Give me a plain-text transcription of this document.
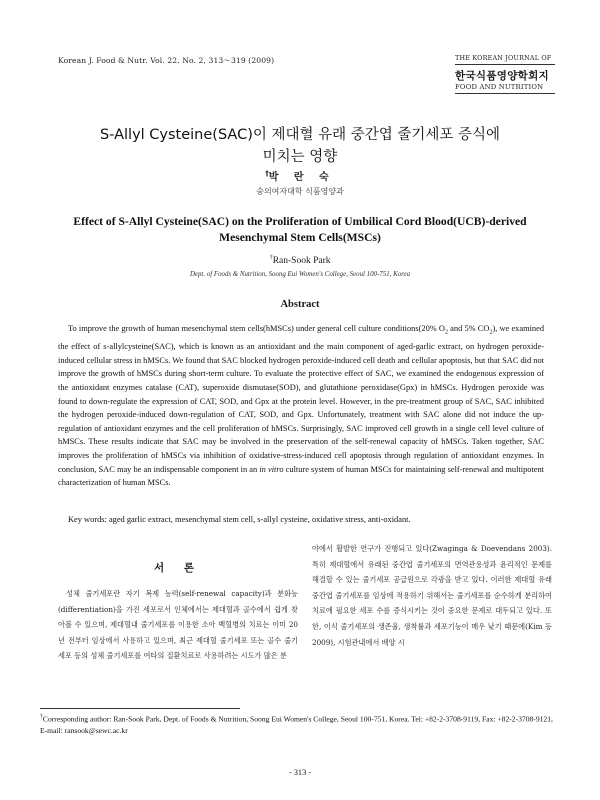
Korean J. Food & Nutr. Vol. 22. No. 2, 313～319 (2009)	THE KOREAN JOURNAL OF
한국식품영양학회지
FOOD AND NUTRITION
S-Allyl Cysteine(SAC)이 제대혈 유래 중간엽 줄기세포 증식에
미치는 영향
†박 란 숙
숭의여자대학 식품영양과
Effect of S-Allyl Cysteine(SAC) on the Proliferation of Umbilical Cord Blood(UCB)-derived
Mesenchymal Stem Cells(MSCs)
†Ran-Sook Park
Dept. of Foods & Nutrition, Soong Eui Women's College, Seoul 100-751, Korea
Abstract
To improve the growth of human mesenchymal stem cells(hMSCs) under general cell culture conditions(20% $O_2$ and 5% $CO_2$), we examined the effect of s-allylcysteine(SAC), which is known as an antioxidant and the main component of aged-garlic extract, on hydrogen peroxide-induced cellular stress in hMSCs. We found that SAC blocked hydrogen peroxide-induced cell death and cellular apoptosis, but that SAC did not improve the growth of hMSCs during short-term culture. To evaluate the protective effect of SAC, we examined the endogenous expression of the antioxidant enzymes catalase (CAT), superoxide dismutase(SOD), and glutathione peroxidase(Gpx) in hMSCs. Hydrogen peroxide was found to down-regulate the expression of CAT, SOD, and Gpx at the protein level. However, in the pre-treatment group of SAC, SAC inhibited the hydrogen peroxide-induced down-regulation of CAT, SOD, and Gpx. Unfortunately, treatment with SAC alone did not induce the up-regulation of antioxidant enzymes and the cell proliferation of hMSCs. Surprisingly, SAC improved cell growth in a single cell level culture of hMSCs. These results indicate that SAC may be involved in the preservation of the self-renewal capacity of hMSCs. Taken together, SAC improves the proliferation of hMSCs via inhibition of oxidative-stress-induced cell apoptosis through regulation of antioxidant enzymes. In conclusion, SAC may be an indispensable component in an in vitro culture system of human MSCs for maintaining self-renewal and multipotent characterization of human MSCs.
Key words: aged garlic extract, mesenchymal stem cell, s-allyl cysteine, oxidative stress, anti-oxidant.
서 론
성체 줄기세포란 자기 복제 능력(self-renewal capacity)과 분화능(differentiation)을 가진 세포로서 인체에서는 제대혈과 골수에서 쉽게 찾아볼 수 있으며, 제대혈내 줄기세포를 이용한 소아 백혈병의 치료는 이미 20년 전부터 임상에서 사용하고 있으며, 최근 제대혈 줄기세포 또는 골수 줄기세포 등의 성체 줄기세포를 여타의 질환치료로 사용하려는 시도가 많은 분
야에서 활발한 연구가 진행되고 있다(Zwaginga & Doevendans 2003). 특히 제대혈에서 유래된 중간엽 줄기세포의 면역관용성과 윤리적인 문제를 해결할 수 있는 줄기세포 공급원으로 각광을 받고 있다. 이러한 제대혈 유래 중간엽 줄기세포를 임상에 적용하기 위해서는 줄기세포를 순수하게 분리하여 치료에 필요한 세포 수를 증식시키는 것이 중요한 문제로 대두되고 있다. 또한, 이식 줄기세포의 생존율, 생착률과 세포기능이 매우 낮기 때문에(Kim 등 2009), 시험관내에서 배양 시
†Corresponding author: Ran-Sook Park, Dept. of Foods & Nutrition, Soong Eui Women's College, Seoul 100-751, Korea. Tel: +82-2-3708-9119, Fax: +82-2-3708-9121, E-mail: ransook@sewc.ac.kr
- 313 -
